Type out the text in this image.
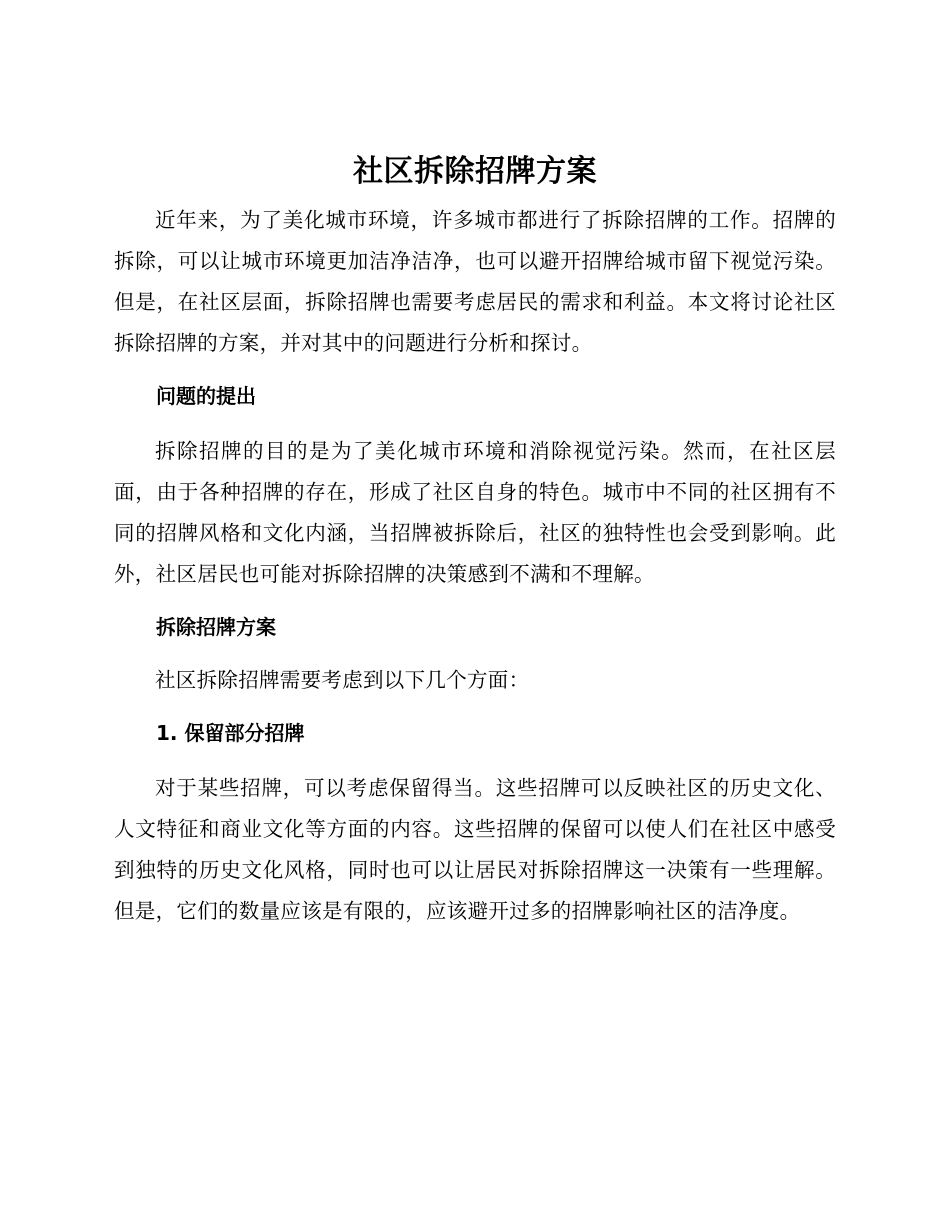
社区拆除招牌方案

近年来，为了美化城市环境，许多城市都进行了拆除招牌的工作。招牌的拆除，可以让城市环境更加洁净洁净，也可以避开招牌给城市留下视觉污染。但是，在社区层面，拆除招牌也需要考虑居民的需求和利益。本文将讨论社区拆除招牌的方案，并对其中的问题进行分析和探讨。

问题的提出

拆除招牌的目的是为了美化城市环境和消除视觉污染。然而，在社区层面，由于各种招牌的存在，形成了社区自身的特色。城市中不同的社区拥有不同的招牌风格和文化内涵，当招牌被拆除后，社区的独特性也会受到影响。此外，社区居民也可能对拆除招牌的决策感到不满和不理解。

拆除招牌方案

社区拆除招牌需要考虑到以下几个方面：

1. 保留部分招牌

对于某些招牌，可以考虑保留得当。这些招牌可以反映社区的历史文化、人文特征和商业文化等方面的内容。这些招牌的保留可以使人们在社区中感受到独特的历史文化风格，同时也可以让居民对拆除招牌这一决策有一些理解。但是，它们的数量应该是有限的，应该避开过多的招牌影响社区的洁净度。
